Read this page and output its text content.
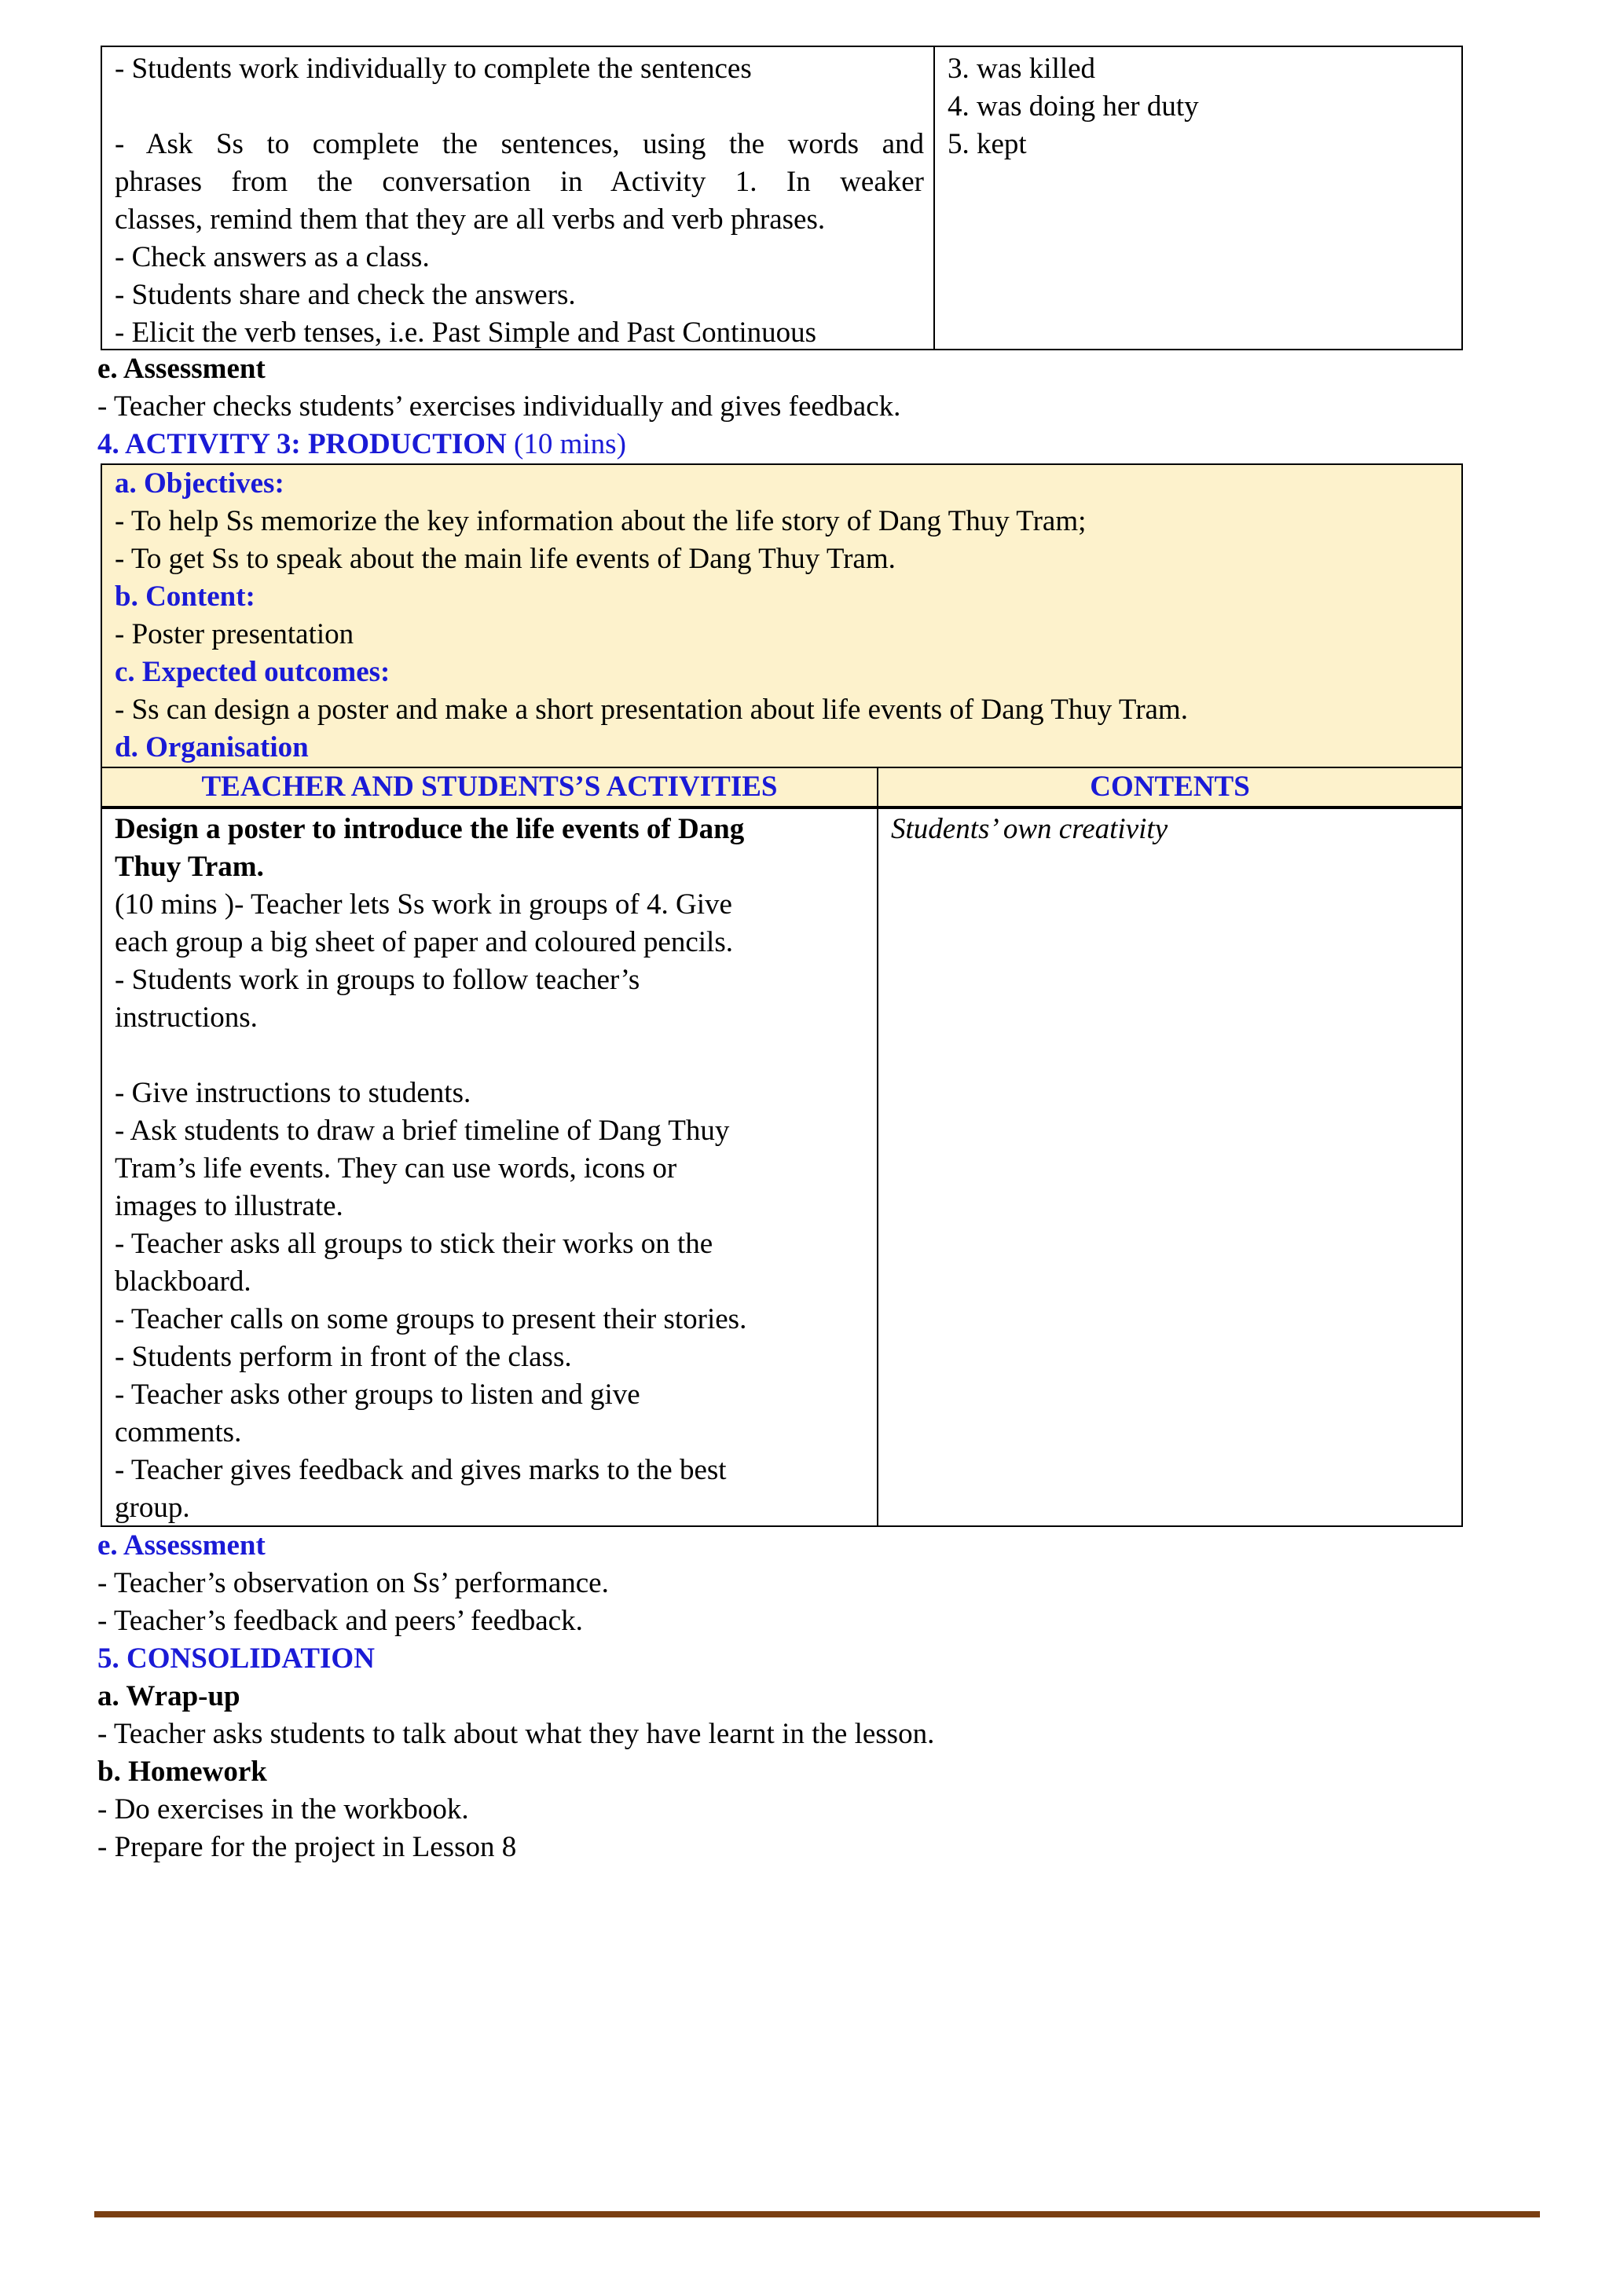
- Students work individually to complete the sentences

- Ask Ss to complete the sentences, using the words and
phrases from the conversation in Activity 1. In weaker
classes, remind them that they are all verbs and verb phrases.
- Check answers as a class.
- Students share and check the answers.
- Elicit the verb tenses, i.e. Past Simple and Past Continuous
3. was killed
4. was doing her duty
5. kept
e. Assessment
- Teacher checks students’ exercises individually and gives feedback.
4. ACTIVITY 3: PRODUCTION (10 mins)
a. Objectives:
- To help Ss memorize the key information about the life story of Dang Thuy Tram;
- To get Ss to speak about the main life events of Dang Thuy Tram.
b. Content:
- Poster presentation
c. Expected outcomes:
- Ss can design a poster and make a short presentation about life events of Dang Thuy Tram.
d. Organisation
TEACHER AND STUDENTS’S ACTIVITIES	CONTENTS
Design a poster to introduce the life events of Dang
Thuy Tram.
(10 mins )- Teacher lets Ss work in groups of 4. Give
each group a big sheet of paper and coloured pencils.
- Students work in groups to follow teacher’s
instructions.

- Give instructions to students.
- Ask students to draw a brief timeline of Dang Thuy
Tram’s life events. They can use words, icons or
images to illustrate.
- Teacher asks all groups to stick their works on the
blackboard.
- Teacher calls on some groups to present their stories.
- Students perform in front of the class.
- Teacher asks other groups to listen and give
comments.
- Teacher gives feedback and gives marks to the best
group.
Students’ own creativity
e. Assessment
- Teacher’s observation on Ss’ performance.
- Teacher’s feedback and peers’ feedback.
5. CONSOLIDATION
a. Wrap-up
- Teacher asks students to talk about what they have learnt in the lesson.
b. Homework
- Do exercises in the workbook.
- Prepare for the project in Lesson 8
